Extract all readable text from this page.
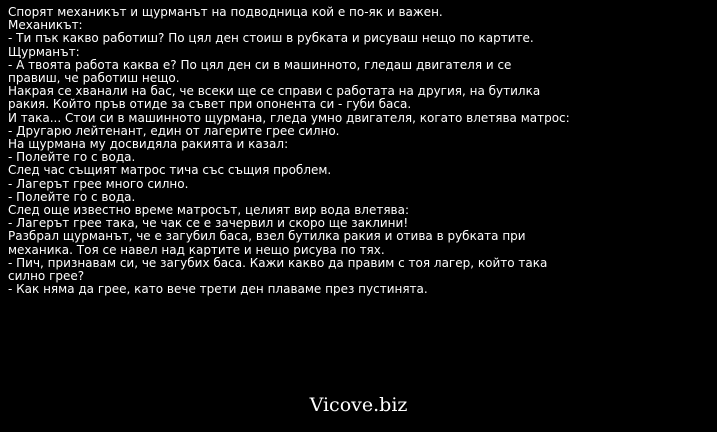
Спорят механикът и щурманът на подводница кой е по-як и важен.
Механикът:
- Ти пък какво работиш? По цял ден стоиш в рубката и рисуваш нещо по картите.
Щурманът:
- А твоята работа каква е? По цял ден си в машинното, гледаш двигателя и се
правиш, че работиш нещо.
Накрая се хванали на бас, че всеки ще се справи с работата на другия, на бутилка
ракия. Който пръв отиде за съвет при опонента си - губи баса.
И така... Стои си в машинното щурмана, гледа умно двигателя, когато влетява матрос:
- Другарю лейтенант, един от лагерите грее силно.
На щурмана му досвидяла ракията и казал:
- Полейте го с вода.
След час същият матрос тича със същия проблем.
- Лагерът грее много силно.
- Полейте го с вода.
След още известно време матросът, целият вир вода влетява:
- Лагерът грее така, че чак се е зачервил и скоро ще заклини!
Разбрал щурманът, че е загубил баса, взел бутилка ракия и отива в рубката при
механика. Тоя се навел над картите и нещо рисува по тях.
- Пич, признавам си, че загубих баса. Кажи какво да правим с тоя лагер, който така
силно грее?
- Как няма да грее, като вече трети ден плаваме през пустинята.
Vicove.biz
